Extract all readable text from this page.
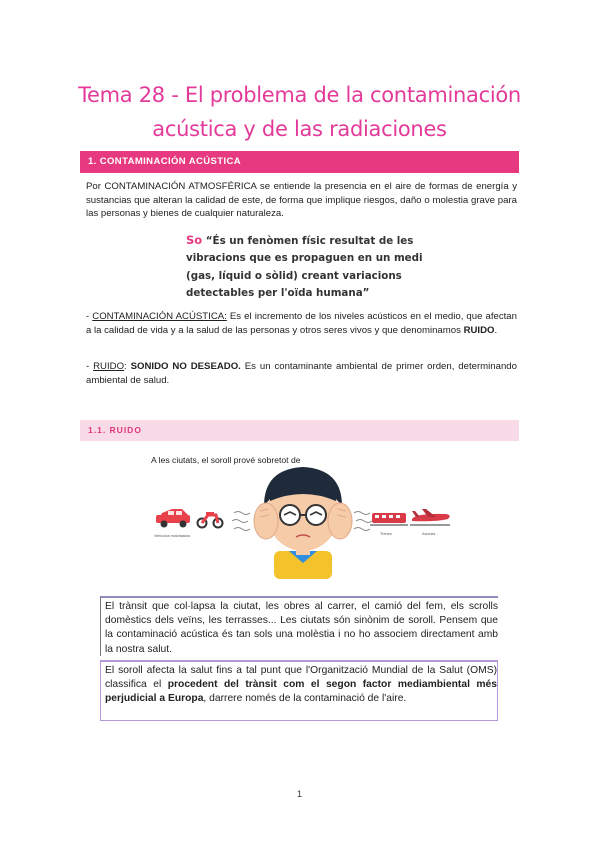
Tema 28 - El problema de la contaminación
acústica y de las radiaciones
1. CONTAMINACIÓN ACÚSTICA
Por CONTAMINACIÓN ATMOSFÉRICA se entiende la presencia en el aire de formas de energía y sustancias que alteran la calidad de este, de forma que implique riesgos, daño o molestia grave para las personas y bienes de cualquier naturaleza.
So “És un fenòmen físic resultat de les vibracions que es propaguen en un medi (gas, líquid o sòlid) creant variacions detectables per l'oïda humana”
- CONTAMINACIÓN ACÚSTICA: Es el incremento de los niveles acústicos en el medio, que afectan a la calidad de vida y a la salud de las personas y otros seres vivos y que denominamos RUIDO.
- RUIDO: SONIDO NO DESEADO. Es un contaminante ambiental de primer orden, determinando ambiental de salud.
1.1. RUIDO
A les ciutats, el soroll prové sobretot de
Vehículos motorizados	Trenes	Aviones
El trànsit que col·lapsa la ciutat, les obres al carrer, el camió del fem, els scrolls domèstics dels veïns, les terrasses... Les ciutats són sinònim de soroll. Pensem que la contaminació acústica és tan sols una molèstia i no ho associem directament amb la nostra salut.
El soroll afecta la salut fins a tal punt que l'Organització Mundial de la Salut (OMS) classifica el procedent del trànsit com el segon factor mediambiental més perjudicial a Europa, darrere només de la contaminació de l'aire.
1
